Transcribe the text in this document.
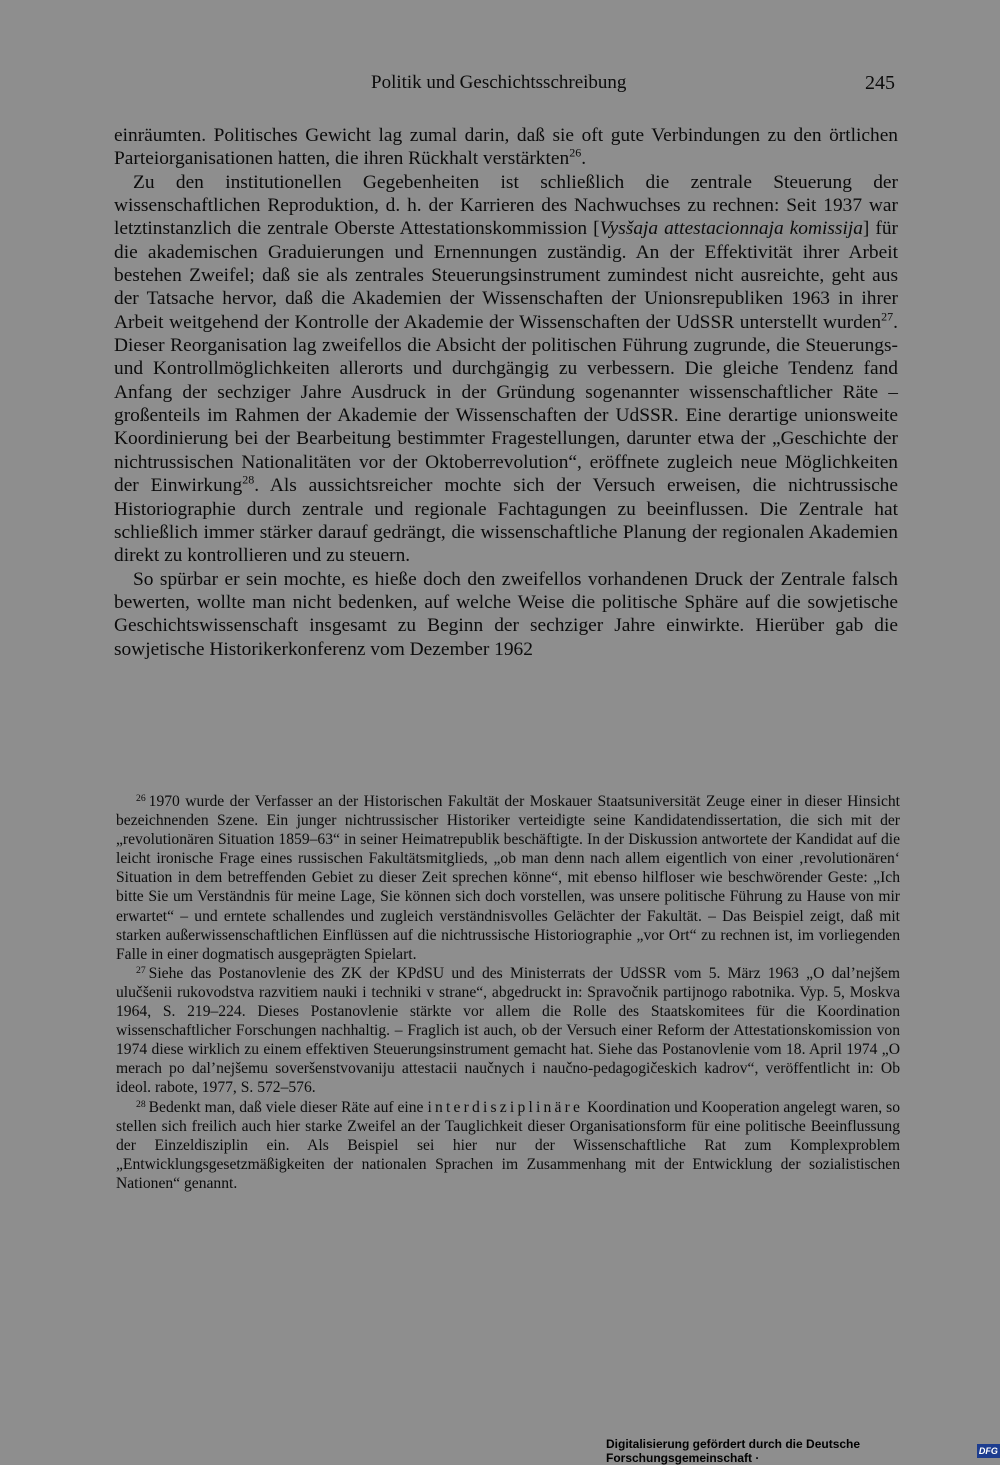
Politik und Geschichtsschreibung	245

einräumten. Politisches Gewicht lag zumal darin, daß sie oft gute Verbindungen zu den örtlichen Parteiorganisationen hatten, die ihren Rückhalt verstärkten$^{26}$.

Zu den institutionellen Gegebenheiten ist schließlich die zentrale Steuerung der wissenschaftlichen Reproduktion, d. h. der Karrieren des Nachwuchses zu rechnen: Seit 1937 war letztinstanzlich die zentrale Oberste Attestationskommission [Vysšaja attestacionnaja komissija] für die akademischen Graduierungen und Ernennungen zuständig. An der Effektivität ihrer Arbeit bestehen Zweifel; daß sie als zentrales Steuerungsinstrument zumindest nicht ausreichte, geht aus der Tatsache hervor, daß die Akademien der Wissenschaften der Unionsrepubliken 1963 in ihrer Arbeit weitgehend der Kontrolle der Akademie der Wissenschaften der UdSSR unterstellt wurden$^{27}$. Dieser Reorganisation lag zweifellos die Absicht der politischen Führung zugrunde, die Steuerungs- und Kontrollmöglichkeiten allerorts und durchgängig zu verbessern. Die gleiche Tendenz fand Anfang der sechziger Jahre Ausdruck in der Gründung sogenannter wissenschaftlicher Räte – großenteils im Rahmen der Akademie der Wissenschaften der UdSSR. Eine derartige unionsweite Koordinierung bei der Bearbeitung bestimmter Fragestellungen, darunter etwa der „Geschichte der nichtrussischen Nationalitäten vor der Oktoberrevolution“, eröffnete zugleich neue Möglichkeiten der Einwirkung$^{28}$. Als aussichtsreicher mochte sich der Versuch erweisen, die nichtrussische Historiographie durch zentrale und regionale Fachtagungen zu beeinflussen. Die Zentrale hat schließlich immer stärker darauf gedrängt, die wissenschaftliche Planung der regionalen Akademien direkt zu kontrollieren und zu steuern.

So spürbar er sein mochte, es hieße doch den zweifellos vorhandenen Druck der Zentrale falsch bewerten, wollte man nicht bedenken, auf welche Weise die politische Sphäre auf die sowjetische Geschichtswissenschaft insgesamt zu Beginn der sechziger Jahre einwirkte. Hierüber gab die sowjetische Historikerkonferenz vom Dezember 1962

$^{26}$ 1970 wurde der Verfasser an der Historischen Fakultät der Moskauer Staatsuniversität Zeuge einer in dieser Hinsicht bezeichnenden Szene. Ein junger nichtrussischer Historiker verteidigte seine Kandidatendissertation, die sich mit der „revolutionären Situation 1859–63“ in seiner Heimatrepublik beschäftigte. In der Diskussion antwortete der Kandidat auf die leicht ironische Frage eines russischen Fakultätsmitglieds, „ob man denn nach allem eigentlich von einer ‚revolutionären‘ Situation in dem betreffenden Gebiet zu dieser Zeit sprechen könne“, mit ebenso hilfloser wie beschwörender Geste: „Ich bitte Sie um Verständnis für meine Lage, Sie können sich doch vorstellen, was unsere politische Führung zu Hause von mir erwartet“ – und erntete schallendes und zugleich verständnisvolles Gelächter der Fakultät. – Das Beispiel zeigt, daß mit starken außerwissenschaftlichen Einflüssen auf die nichtrussische Historiographie „vor Ort“ zu rechnen ist, im vorliegenden Falle in einer dogmatisch ausgeprägten Spielart.

$^{27}$ Siehe das Postanovlenie des ZK der KPdSU und des Ministerrats der UdSSR vom 5. März 1963 „O dal’nejšem ulučšenii rukovodstva razvitiem nauki i techniki v strane“, abgedruckt in: Spravočnik partijnogo rabotnika. Vyp. 5, Moskva 1964, S. 219–224. Dieses Postanovlenie stärkte vor allem die Rolle des Staatskomitees für die Koordination wissenschaftlicher Forschungen nachhaltig. – Fraglich ist auch, ob der Versuch einer Reform der Attestationskomission von 1974 diese wirklich zu einem effektiven Steuerungsinstrument gemacht hat. Siehe das Postanovlenie vom 18. April 1974 „O merach po dal’nejšemu soveršenstvovaniju attestacii naučnych i naučno-pedagogičeskich kadrov“, veröffentlicht in: Ob ideol. rabote, 1977, S. 572–576.

$^{28}$ Bedenkt man, daß viele dieser Räte auf eine interdisziplinäre Koordination und Kooperation angelegt waren, so stellen sich freilich auch hier starke Zweifel an der Tauglichkeit dieser Organisationsform für eine politische Beeinflussung der Einzeldisziplin ein. Als Beispiel sei hier nur der Wissenschaftliche Rat zum Komplexproblem „Entwicklungsgesetzmäßigkeiten der nationalen Sprachen im Zusammenhang mit der Entwicklung der sozialistischen Nationen“ genannt.

Digitalisierung gefördert durch die Deutsche Forschungsgemeinschaft ·	DFG
